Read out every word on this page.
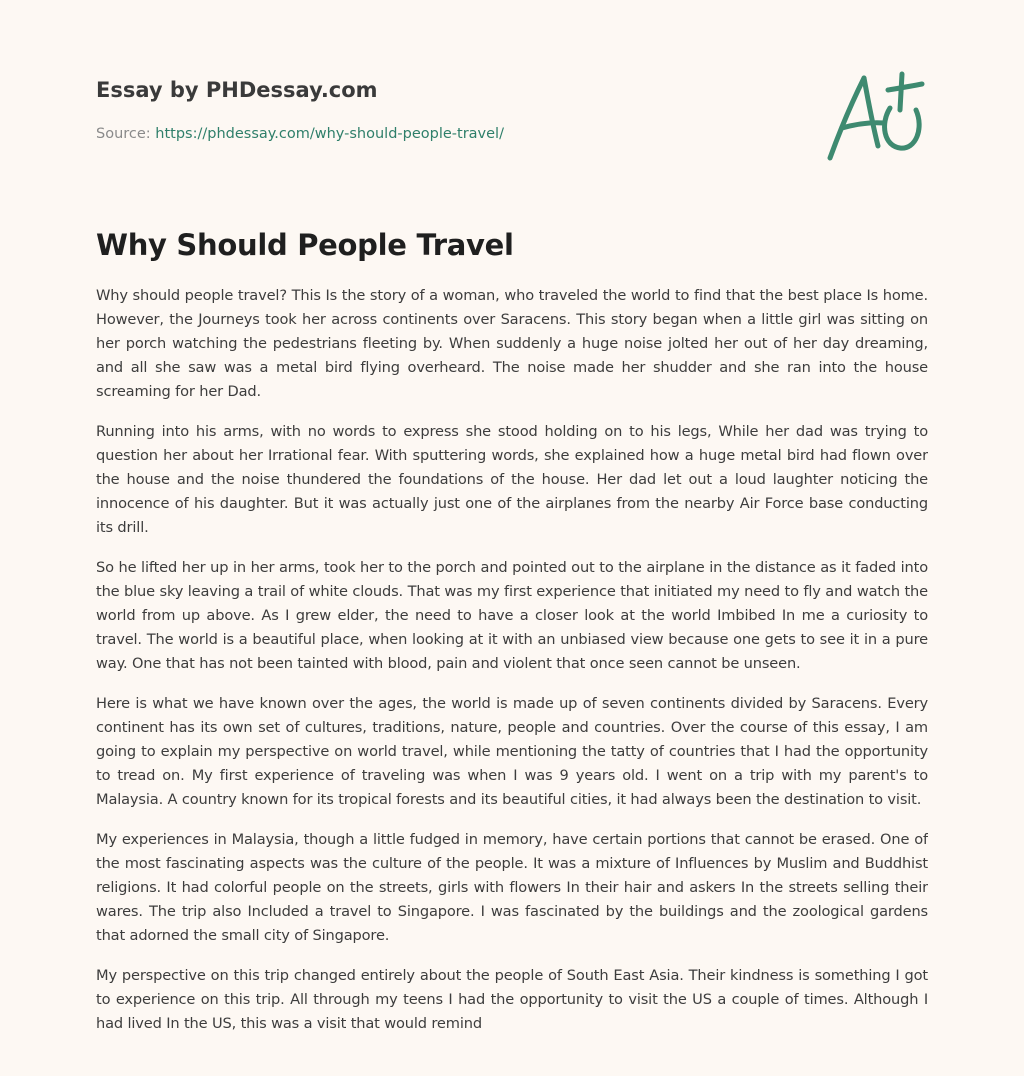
Essay by PHDessay.com
Source: https://phdessay.com/why-should-people-travel/
Why Should People Travel

Why should people travel? This Is the story of a woman, who traveled the world to find that the best place Is home. However, the Journeys took her across continents over Saracens. This story began when a little girl was sitting on her porch watching the pedestrians fleeting by. When suddenly a huge noise jolted her out of her day dreaming, and all she saw was a metal bird flying overheard. The noise made her shudder and she ran into the house screaming for her Dad.

Running into his arms, with no words to express she stood holding on to his legs, While her dad was trying to question her about her Irrational fear. With sputtering words, she explained how a huge metal bird had flown over the house and the noise thundered the foundations of the house. Her dad let out a loud laughter noticing the innocence of his daughter. But it was actually just one of the airplanes from the nearby Air Force base conducting its drill.

So he lifted her up in her arms, took her to the porch and pointed out to the airplane in the distance as it faded into the blue sky leaving a trail of white clouds. That was my first experience that initiated my need to fly and watch the world from up above. As I grew elder, the need to have a closer look at the world Imbibed In me a curiosity to travel. The world is a beautiful place, when looking at it with an unbiased view because one gets to see it in a pure way. One that has not been tainted with blood, pain and violent that once seen cannot be unseen.

Here is what we have known over the ages, the world is made up of seven continents divided by Saracens. Every continent has its own set of cultures, traditions, nature, people and countries. Over the course of this essay, I am going to explain my perspective on world travel, while mentioning the tatty of countries that I had the opportunity to tread on. My first experience of traveling was when I was 9 years old. I went on a trip with my parent's to Malaysia. A country known for its tropical forests and its beautiful cities, it had always been the destination to visit.

My experiences in Malaysia, though a little fudged in memory, have certain portions that cannot be erased. One of the most fascinating aspects was the culture of the people. It was a mixture of Influences by Muslim and Buddhist religions. It had colorful people on the streets, girls with flowers In their hair and askers In the streets selling their wares. The trip also Included a travel to Singapore. I was fascinated by the buildings and the zoological gardens that adorned the small city of Singapore.

My perspective on this trip changed entirely about the people of South East Asia. Their kindness is something I got to experience on this trip. All through my teens I had the opportunity to visit the US a couple of times. Although I had lived In the US, this was a visit that would remind
